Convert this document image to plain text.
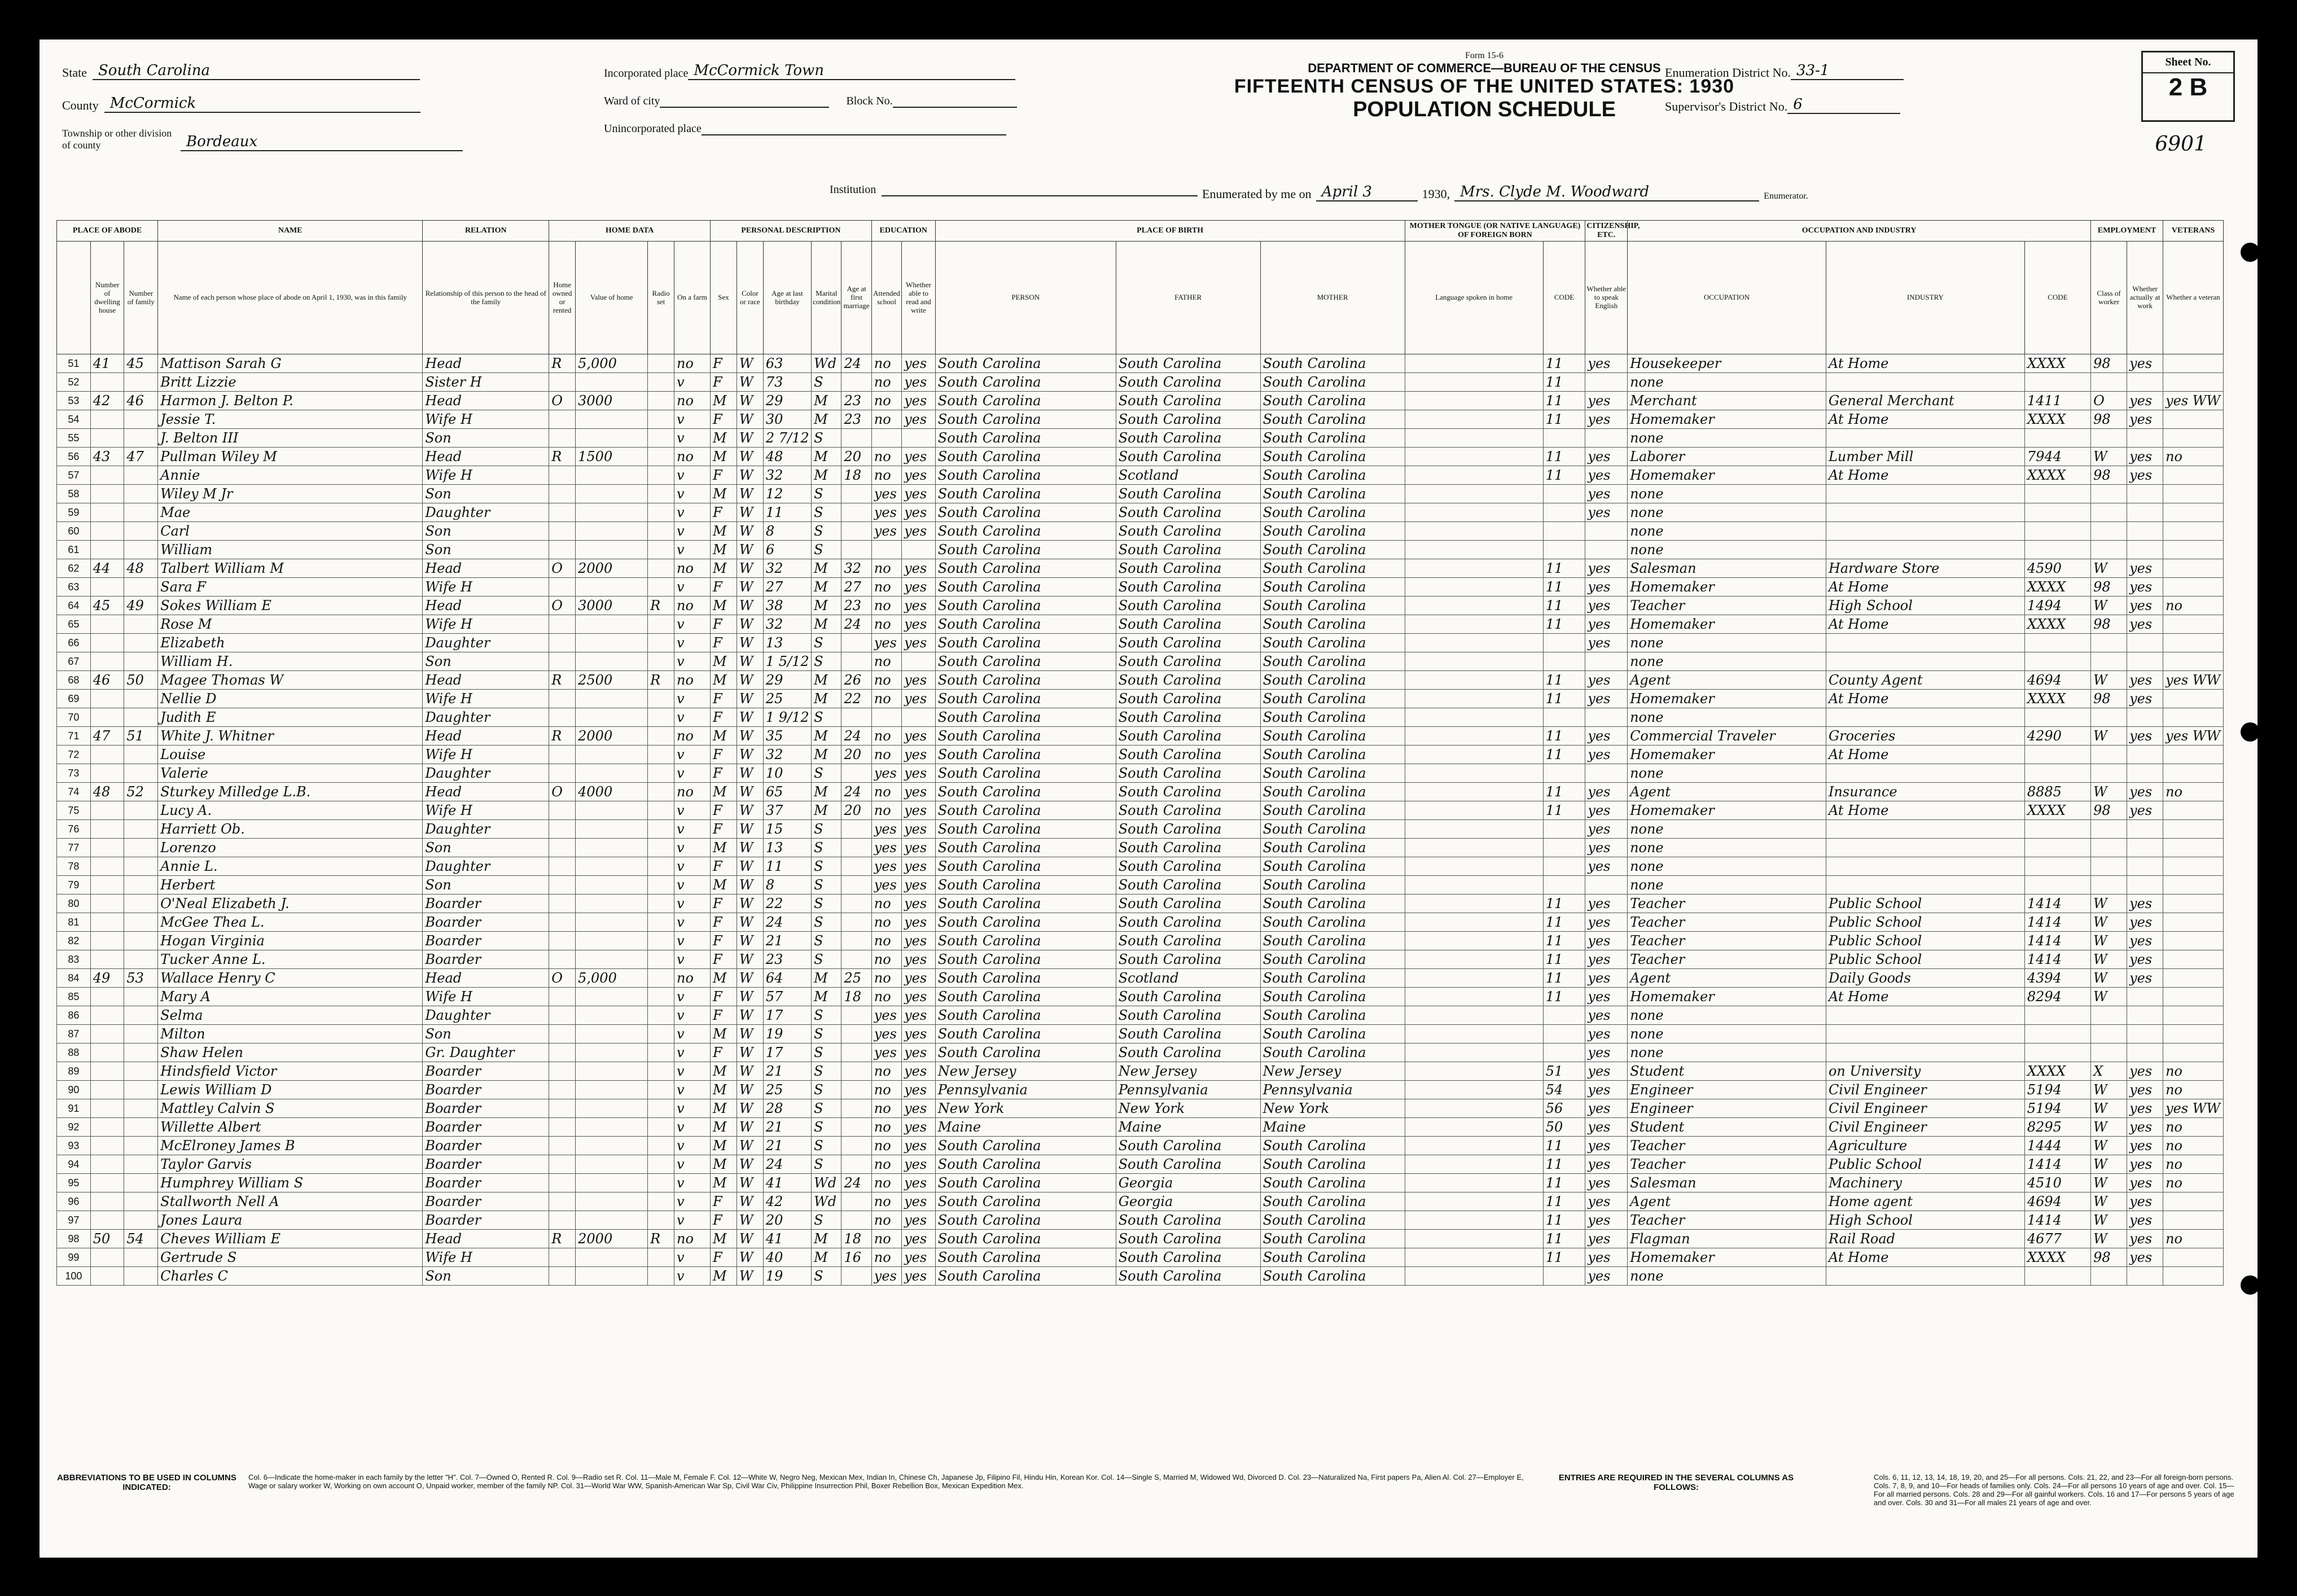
State South Carolina
County McCormick
Township or other division of county	Bordeaux
Incorporated place McCormick Town
Ward of city	Block No.
Unincorporated place
Form 15-6
DEPARTMENT OF COMMERCE—BUREAU OF THE CENSUS
FIFTEENTH CENSUS OF THE UNITED STATES: 1930
POPULATION SCHEDULE
Enumeration District No. 33-1
Supervisor's District No. 6
Sheet No.
2 B
6901
Institution	Enumerated by me on April 3	1930, Mrs. Clyde M. Woodward	Enumerator.
PLACE OF ABODE			NAME	RELATION	HOME DATA				PERSONAL DESCRIPTION					EDUCATION		PLACE OF BIRTH			MOTHER TONGUE (OR NATIVE LANGUAGE) OF FOREIGN BORN		CITIZENSHIP, ETC.	OCCUPATION AND INDUSTRY			EMPLOYMENT		VETERANS
	Number of dwelling house	Number of family	Name of each person whose place of abode on April 1, 1930, was in this family	Relationship of this person to the head of the family	Home owned or rented	Value of home	Radio set	On a farm	Sex	Color or race	Age at last birthday	Marital condition	Age at first marriage	Attended school	Whether able to read and write	PERSON	FATHER	MOTHER	Language spoken in home	CODE	Whether able to speak English	OCCUPATION	INDUSTRY	CODE	Class of worker	Whether actually at work	Whether a veteran
51	41	45	Mattison Sarah G	Head	R	5,000		no	F	W	63	Wd	24	no	yes	South Carolina	South Carolina	South Carolina		11	yes	Housekeeper	At Home	XXXX	98	yes	
52			Britt Lizzie	Sister H				v	F	W	73	S		no	yes	South Carolina	South Carolina	South Carolina		11		none					
53	42	46	Harmon J. Belton P.	Head	O	3000		no	M	W	29	M	23	no	yes	South Carolina	South Carolina	South Carolina		11	yes	Merchant	General Merchant	1411	O	yes	yes WW
54			Jessie T.	Wife H				v	F	W	30	M	23	no	yes	South Carolina	South Carolina	South Carolina		11	yes	Homemaker	At Home	XXXX	98	yes	
55			J. Belton III	Son				v	M	W	2 7/12	S				South Carolina	South Carolina	South Carolina				none					
56	43	47	Pullman Wiley M	Head	R	1500		no	M	W	48	M	20	no	yes	South Carolina	South Carolina	South Carolina		11	yes	Laborer	Lumber Mill	7944	W	yes	no
57			Annie	Wife H				v	F	W	32	M	18	no	yes	South Carolina	Scotland	South Carolina		11	yes	Homemaker	At Home	XXXX	98	yes	
58			Wiley M Jr	Son				v	M	W	12	S		yes	yes	South Carolina	South Carolina	South Carolina			yes	none					
59			Mae	Daughter				v	F	W	11	S		yes	yes	South Carolina	South Carolina	South Carolina			yes	none					
60			Carl	Son				v	M	W	8	S		yes	yes	South Carolina	South Carolina	South Carolina				none					
61			William	Son				v	M	W	6	S				South Carolina	South Carolina	South Carolina				none					
62	44	48	Talbert William M	Head	O	2000		no	M	W	32	M	32	no	yes	South Carolina	South Carolina	South Carolina		11	yes	Salesman	Hardware Store	4590	W	yes	
63			Sara F	Wife H				v	F	W	27	M	27	no	yes	South Carolina	South Carolina	South Carolina		11	yes	Homemaker	At Home	XXXX	98	yes	
64	45	49	Sokes William E	Head	O	3000	R	no	M	W	38	M	23	no	yes	South Carolina	South Carolina	South Carolina		11	yes	Teacher	High School	1494	W	yes	no
65			Rose M	Wife H				v	F	W	32	M	24	no	yes	South Carolina	South Carolina	South Carolina		11	yes	Homemaker	At Home	XXXX	98	yes	
66			Elizabeth	Daughter				v	F	W	13	S		yes	yes	South Carolina	South Carolina	South Carolina			yes	none					
67			William H.	Son				v	M	W	1 5/12	S		no		South Carolina	South Carolina	South Carolina				none					
68	46	50	Magee Thomas W	Head	R	2500	R	no	M	W	29	M	26	no	yes	South Carolina	South Carolina	South Carolina		11	yes	Agent	County Agent	4694	W	yes	yes WW
69			Nellie D	Wife H				v	F	W	25	M	22	no	yes	South Carolina	South Carolina	South Carolina		11	yes	Homemaker	At Home	XXXX	98	yes	
70			Judith E	Daughter				v	F	W	1 9/12	S				South Carolina	South Carolina	South Carolina				none					
71	47	51	White J. Whitner	Head	R	2000		no	M	W	35	M	24	no	yes	South Carolina	South Carolina	South Carolina		11	yes	Commercial Traveler	Groceries	4290	W	yes	yes WW
72			Louise	Wife H				v	F	W	32	M	20	no	yes	South Carolina	South Carolina	South Carolina		11	yes	Homemaker	At Home				
73			Valerie	Daughter				v	F	W	10	S		yes	yes	South Carolina	South Carolina	South Carolina				none					
74	48	52	Sturkey Milledge L.B.	Head	O	4000		no	M	W	65	M	24	no	yes	South Carolina	South Carolina	South Carolina		11	yes	Agent	Insurance	8885	W	yes	no
75			Lucy A.	Wife H				v	F	W	37	M	20	no	yes	South Carolina	South Carolina	South Carolina		11	yes	Homemaker	At Home	XXXX	98	yes	
76			Harriett Ob.	Daughter				v	F	W	15	S		yes	yes	South Carolina	South Carolina	South Carolina			yes	none					
77			Lorenzo	Son				v	M	W	13	S		yes	yes	South Carolina	South Carolina	South Carolina			yes	none					
78			Annie L.	Daughter				v	F	W	11	S		yes	yes	South Carolina	South Carolina	South Carolina			yes	none					
79			Herbert	Son				v	M	W	8	S		yes	yes	South Carolina	South Carolina	South Carolina				none					
80			O'Neal Elizabeth J.	Boarder				v	F	W	22	S		no	yes	South Carolina	South Carolina	South Carolina		11	yes	Teacher	Public School	1414	W	yes	
81			McGee Thea L.	Boarder				v	F	W	24	S		no	yes	South Carolina	South Carolina	South Carolina		11	yes	Teacher	Public School	1414	W	yes	
82			Hogan Virginia	Boarder				v	F	W	21	S		no	yes	South Carolina	South Carolina	South Carolina		11	yes	Teacher	Public School	1414	W	yes	
83			Tucker Anne L.	Boarder				v	F	W	23	S		no	yes	South Carolina	South Carolina	South Carolina		11	yes	Teacher	Public School	1414	W	yes	
84	49	53	Wallace Henry C	Head	O	5,000		no	M	W	64	M	25	no	yes	South Carolina	Scotland	South Carolina		11	yes	Agent	Daily Goods	4394	W	yes	
85			Mary A	Wife H				v	F	W	57	M	18	no	yes	South Carolina	South Carolina	South Carolina		11	yes	Homemaker	At Home	8294	W		
86			Selma	Daughter				v	F	W	17	S		yes	yes	South Carolina	South Carolina	South Carolina			yes	none					
87			Milton	Son				v	M	W	19	S		yes	yes	South Carolina	South Carolina	South Carolina			yes	none					
88			Shaw Helen	Gr. Daughter				v	F	W	17	S		yes	yes	South Carolina	South Carolina	South Carolina			yes	none					
89			Hindsfield Victor	Boarder				v	M	W	21	S		no	yes	New Jersey	New Jersey	New Jersey		51	yes	Student	on University	XXXX	X	yes	no
90			Lewis William D	Boarder				v	M	W	25	S		no	yes	Pennsylvania	Pennsylvania	Pennsylvania		54	yes	Engineer	Civil Engineer	5194	W	yes	no
91			Mattley Calvin S	Boarder				v	M	W	28	S		no	yes	New York	New York	New York		56	yes	Engineer	Civil Engineer	5194	W	yes	yes WW
92			Willette Albert	Boarder				v	M	W	21	S		no	yes	Maine	Maine	Maine		50	yes	Student	Civil Engineer	8295	W	yes	no
93			McElroney James B	Boarder				v	M	W	21	S		no	yes	South Carolina	South Carolina	South Carolina		11	yes	Teacher	Agriculture	1444	W	yes	no
94			Taylor Garvis	Boarder				v	M	W	24	S		no	yes	South Carolina	South Carolina	South Carolina		11	yes	Teacher	Public School	1414	W	yes	no
95			Humphrey William S	Boarder				v	M	W	41	Wd	24	no	yes	South Carolina	Georgia	South Carolina		11	yes	Salesman	Machinery	4510	W	yes	no
96			Stallworth Nell A	Boarder				v	F	W	42	Wd		no	yes	South Carolina	Georgia	South Carolina		11	yes	Agent	Home agent	4694	W	yes	
97			Jones Laura	Boarder				v	F	W	20	S		no	yes	South Carolina	South Carolina	South Carolina		11	yes	Teacher	High School	1414	W	yes	
98	50	54	Cheves William E	Head	R	2000	R	no	M	W	41	M	18	no	yes	South Carolina	South Carolina	South Carolina		11	yes	Flagman	Rail Road	4677	W	yes	no
99			Gertrude S	Wife H				v	F	W	40	M	16	no	yes	South Carolina	South Carolina	South Carolina		11	yes	Homemaker	At Home	XXXX	98	yes	
100			Charles C	Son				v	M	W	19	S		yes	yes	South Carolina	South Carolina	South Carolina			yes	none					
ABBREVIATIONS TO BE USED IN COLUMNS INDICATED:
Col. 6—Indicate the home-maker in each family by the letter "H". Col. 7—Owned O, Rented R. Col. 9—Radio set R. Col. 11—Male M, Female F. Col. 12—White W, Negro Neg, Mexican Mex, Indian In, Chinese Ch, Japanese Jp, Filipino Fil, Hindu Hin, Korean Kor. Col. 14—Single S, Married M, Widowed Wd, Divorced D. Col. 23—Naturalized Na, First papers Pa, Alien Al. Col. 27—Employer E, Wage or salary worker W, Working on own account O, Unpaid worker, member of the family NP. Col. 31—World War WW, Spanish-American War Sp, Civil War Civ, Philippine Insurrection Phil, Boxer Rebellion Box, Mexican Expedition Mex.
ENTRIES ARE REQUIRED IN THE SEVERAL COLUMNS AS FOLLOWS:
Cols. 6, 11, 12, 13, 14, 18, 19, 20, and 25—For all persons. Cols. 21, 22, and 23—For all foreign-born persons. Cols. 7, 8, 9, and 10—For heads of families only. Cols. 24—For all persons 10 years of age and over. Col. 15—For all married persons. Cols. 28 and 29—For all gainful workers. Cols. 16 and 17—For persons 5 years of age and over. Cols. 30 and 31—For all males 21 years of age and over.
